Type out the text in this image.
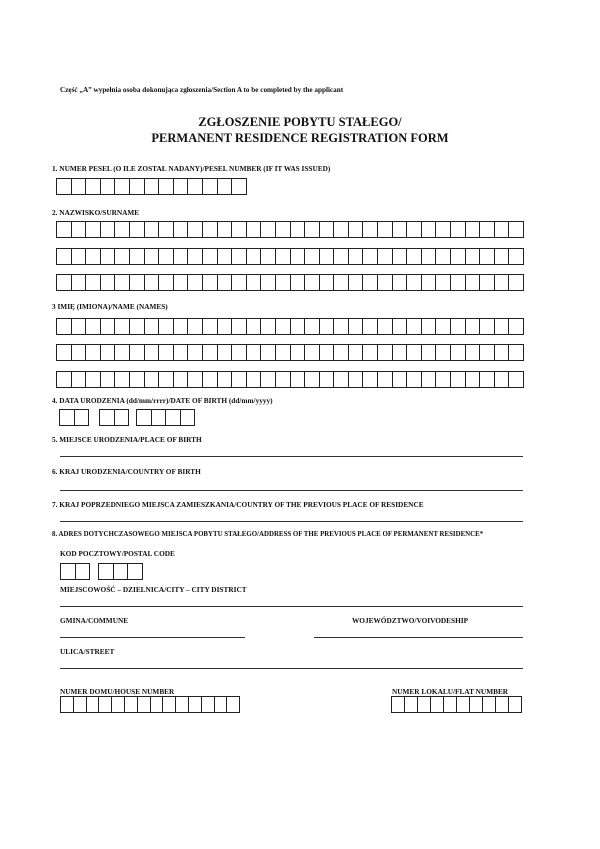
Część „A” wypełnia osoba dokonująca zgłoszenia/Section A to be completed by the applicant
ZGŁOSZENIE POBYTU STAŁEGO/
PERMANENT RESIDENCE REGISTRATION FORM
1. NUMER PESEL (O ILE ZOSTAŁ NADANY)/PESEL NUMBER (IF IT WAS ISSUED)
2. NAZWISKO/SURNAME
3 IMIĘ (IMIONA)/NAME (NAMES)
4. DATA URODZENIA (dd/mm/rrrr)/DATE OF BIRTH (dd/mm/yyyy)
5. MIEJSCE URODZENIA/PLACE OF BIRTH
6. KRAJ URODZENIA/COUNTRY OF BIRTH
7. KRAJ POPRZEDNIEGO MIEJSCA ZAMIESZKANIA/COUNTRY OF THE PREVIOUS PLACE OF RESIDENCE
8. ADRES DOTYCHCZASOWEGO MIEJSCA POBYTU STAŁEGO/ADDRESS OF THE PREVIOUS PLACE OF PERMANENT RESIDENCE*
KOD POCZTOWY/POSTAL CODE
MIEJSCOWOŚĆ – DZIELNICA/CITY – CITY DISTRICT
GMINA/COMMUNE	WOJEWÓDZTWO/VOIVODESHIP
ULICA/STREET
NUMER DOMU/HOUSE NUMBER	NUMER LOKALU/FLAT NUMBER
